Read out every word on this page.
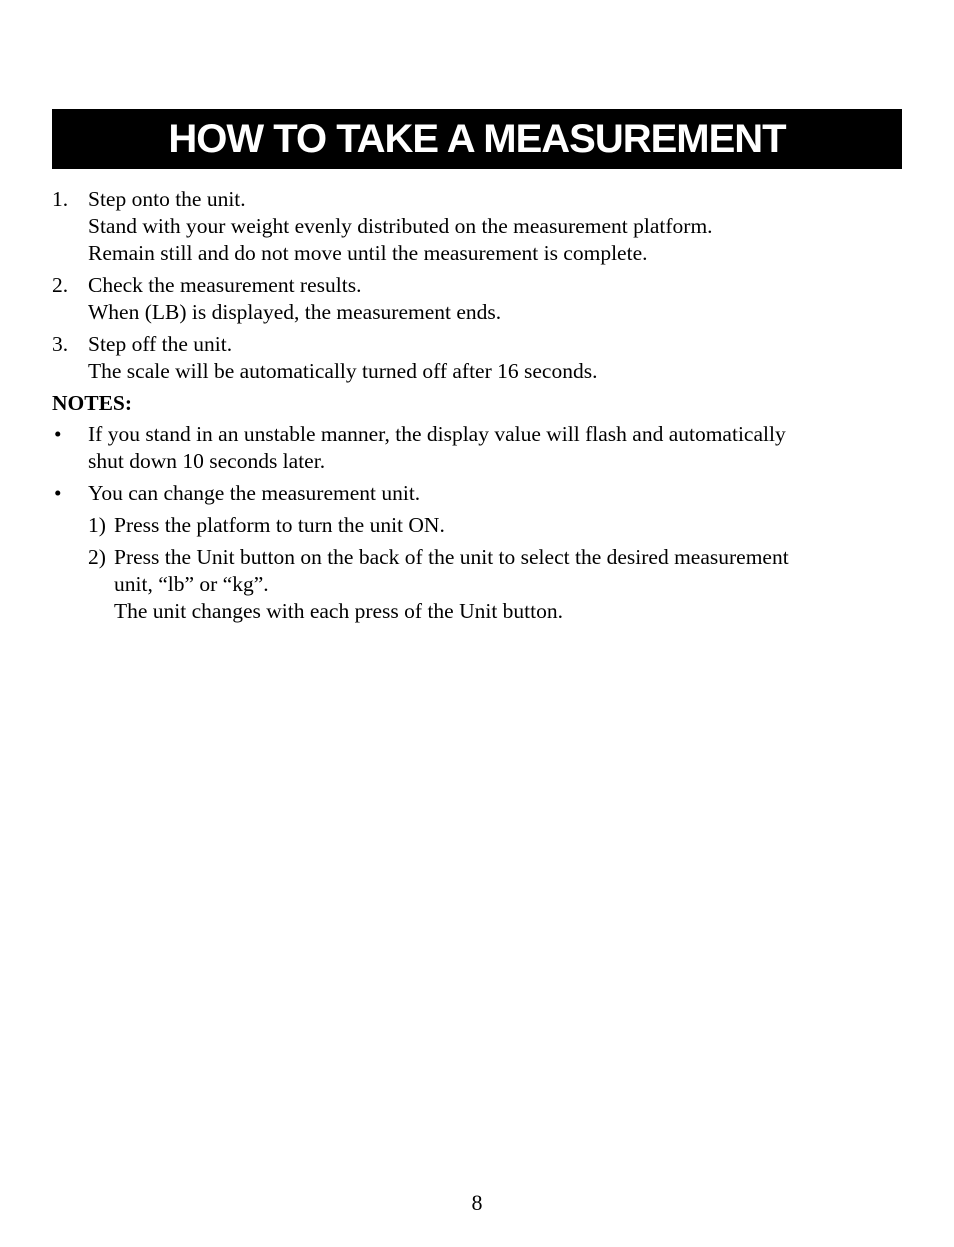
HOW TO TAKE A MEASUREMENT
1. Step onto the unit.
Stand with your weight evenly distributed on the measurement platform.
Remain still and do not move until the measurement is complete.
2. Check the measurement results.
When (LB) is displayed, the measurement ends.
3. Step off the unit.
The scale will be automatically turned off after 16 seconds.
NOTES:
• If you stand in an unstable manner, the display value will flash and automatically
shut down 10 seconds later.
• You can change the measurement unit.
1) Press the platform to turn the unit ON.
2) Press the Unit button on the back of the unit to select the desired measurement
unit, “lb” or “kg”.
The unit changes with each press of the Unit button.
8
